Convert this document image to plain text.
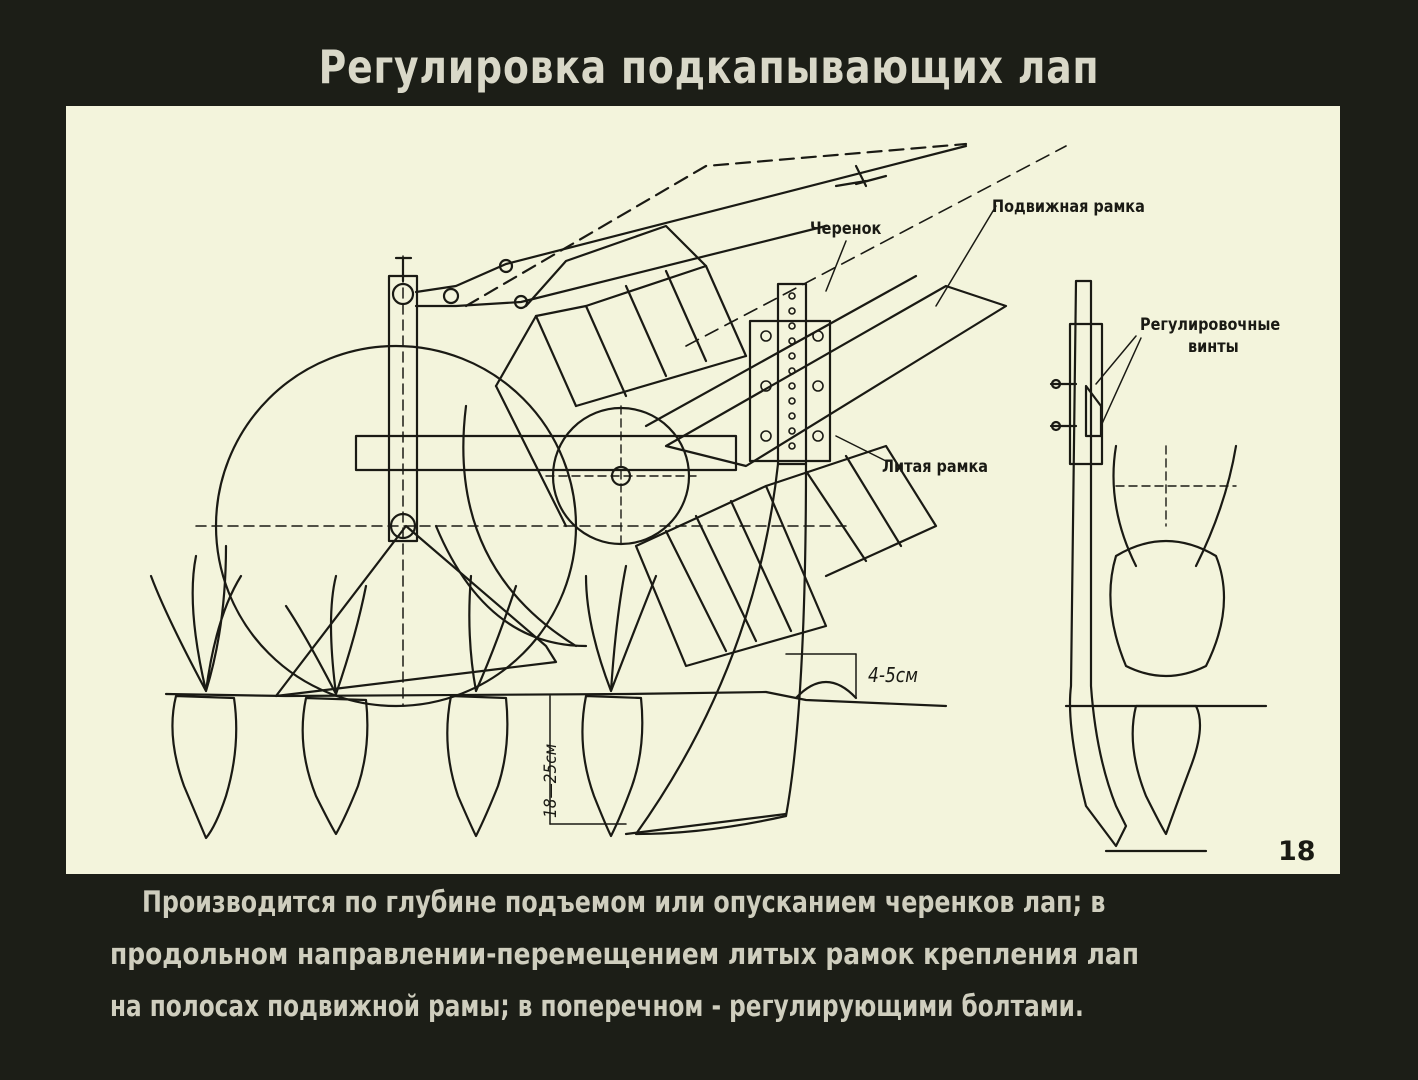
Регулировка подкапывающих лап
Черенок
Подвижная рамка
Регулировочные
винты
Литая рамка
4-5см
18—25см
18
Производится по глубине подъемом или опусканием черенков лап; в
продольном направлении-перемещением литых рамок крепления лап
на полосах подвижной рамы; в поперечном - регулирующими болтами.
